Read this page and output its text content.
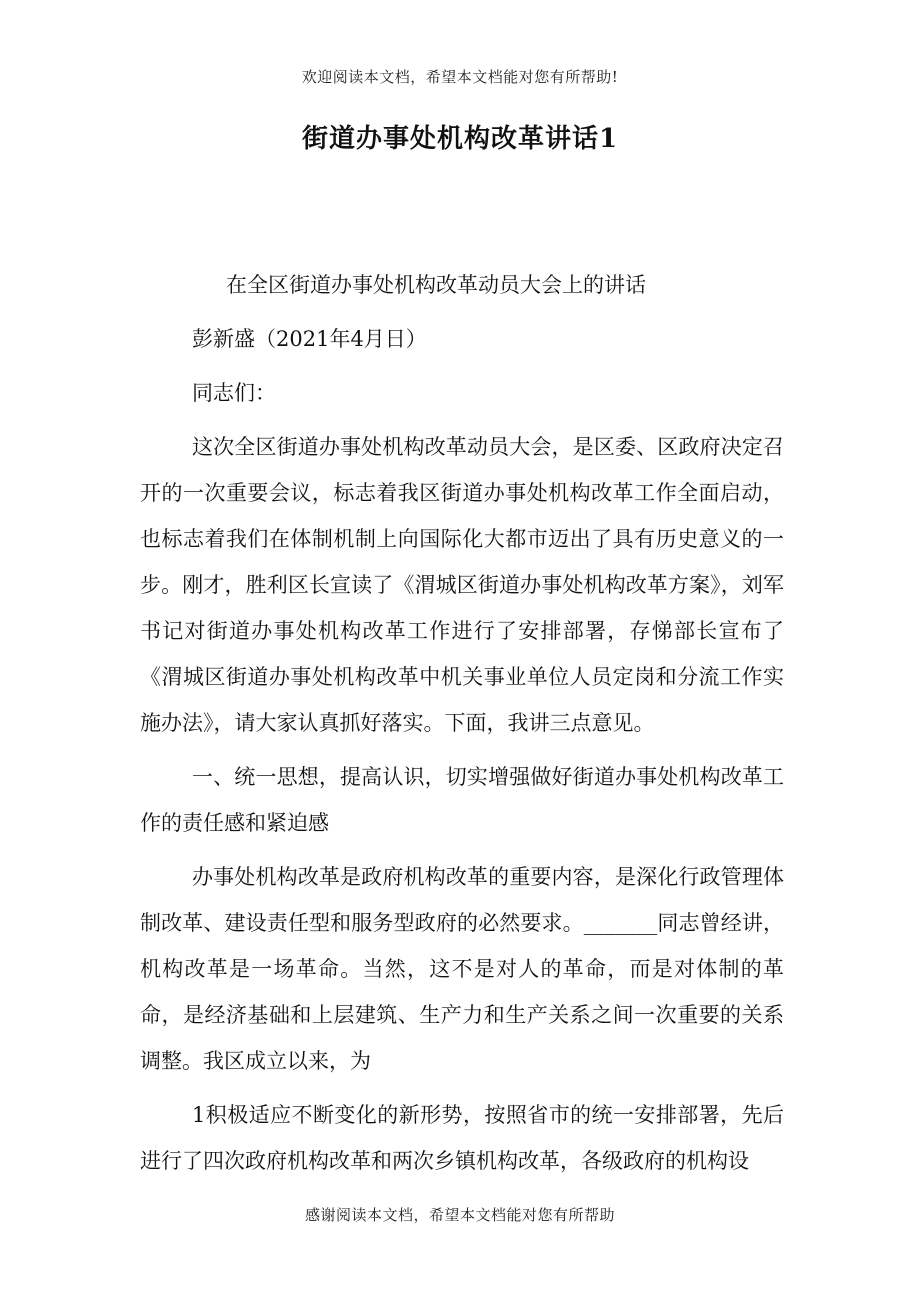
欢迎阅读本文档，希望本文档能对您有所帮助!
街道办事处机构改革讲话1

在全区街道办事处机构改革动员大会上的讲话

彭新盛（2021年4月日）

同志们：

这次全区街道办事处机构改革动员大会，是区委、区政府决定召开的一次重要会议，标志着我区街道办事处机构改革工作全面启动，也标志着我们在体制机制上向国际化大都市迈出了具有历史意义的一步。刚才，胜利区长宣读了《渭城区街道办事处机构改革方案》，刘军书记对街道办事处机构改革工作进行了安排部署，存悌部长宣布了《渭城区街道办事处机构改革中机关事业单位人员定岗和分流工作实施办法》，请大家认真抓好落实。下面，我讲三点意见。

一、统一思想，提高认识，切实增强做好街道办事处机构改革工作的责任感和紧迫感

办事处机构改革是政府机构改革的重要内容，是深化行政管理体制改革、建设责任型和服务型政府的必然要求。_______同志曾经讲，机构改革是一场革命。当然，这不是对人的革命，而是对体制的革命，是经济基础和上层建筑、生产力和生产关系之间一次重要的关系调整。我区成立以来，为

1积极适应不断变化的新形势，按照省市的统一安排部署，先后进行了四次政府机构改革和两次乡镇机构改革，各级政府的机构设

感谢阅读本文档，希望本文档能对您有所帮助
